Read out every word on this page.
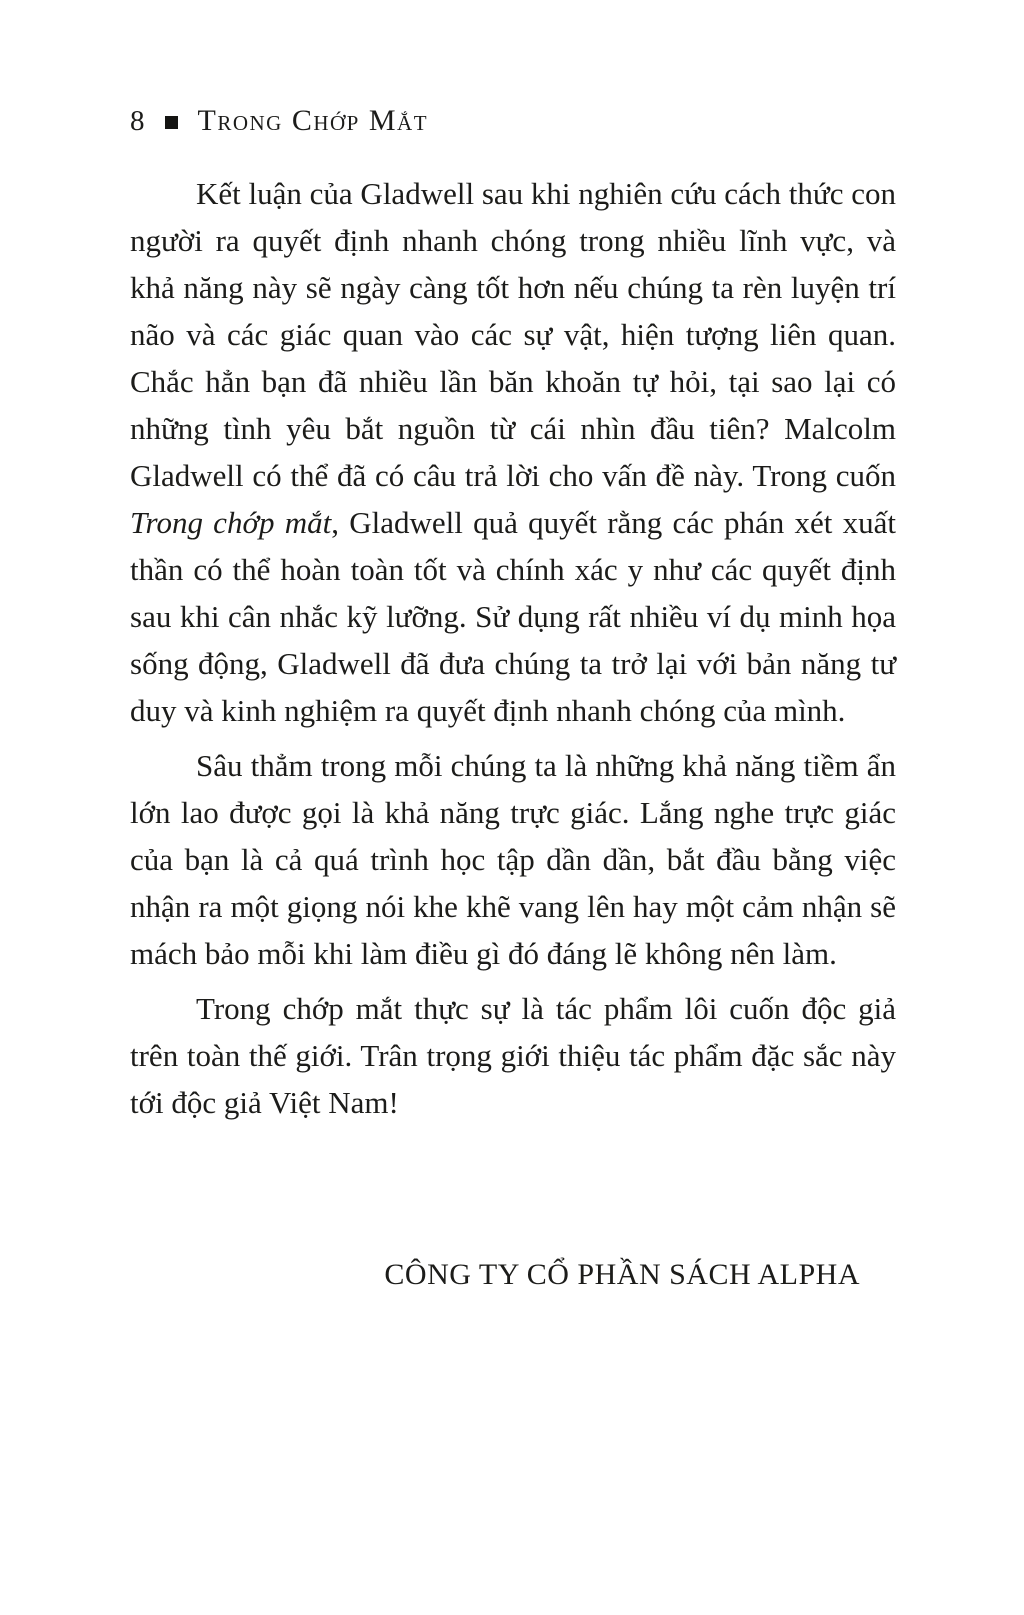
8 Trong Chớp Mắt

Kết luận của Gladwell sau khi nghiên cứu cách thức con người ra quyết định nhanh chóng trong nhiều lĩnh vực, và khả năng này sẽ ngày càng tốt hơn nếu chúng ta rèn luyện trí não và các giác quan vào các sự vật, hiện tượng liên quan. Chắc hẳn bạn đã nhiều lần băn khoăn tự hỏi, tại sao lại có những tình yêu bắt nguồn từ cái nhìn đầu tiên? Malcolm Gladwell có thể đã có câu trả lời cho vấn đề này. Trong cuốn Trong chớp mắt, Gladwell quả quyết rằng các phán xét xuất thần có thể hoàn toàn tốt và chính xác y như các quyết định sau khi cân nhắc kỹ lưỡng. Sử dụng rất nhiều ví dụ minh họa sống động, Gladwell đã đưa chúng ta trở lại với bản năng tư duy và kinh nghiệm ra quyết định nhanh chóng của mình.

Sâu thẳm trong mỗi chúng ta là những khả năng tiềm ẩn lớn lao được gọi là khả năng trực giác. Lắng nghe trực giác của bạn là cả quá trình học tập dần dần, bắt đầu bằng việc nhận ra một giọng nói khe khẽ vang lên hay một cảm nhận sẽ mách bảo mỗi khi làm điều gì đó đáng lẽ không nên làm.

Trong chớp mắt thực sự là tác phẩm lôi cuốn độc giả trên toàn thế giới. Trân trọng giới thiệu tác phẩm đặc sắc này tới độc giả Việt Nam!

CÔNG TY CỔ PHẦN SÁCH ALPHA
